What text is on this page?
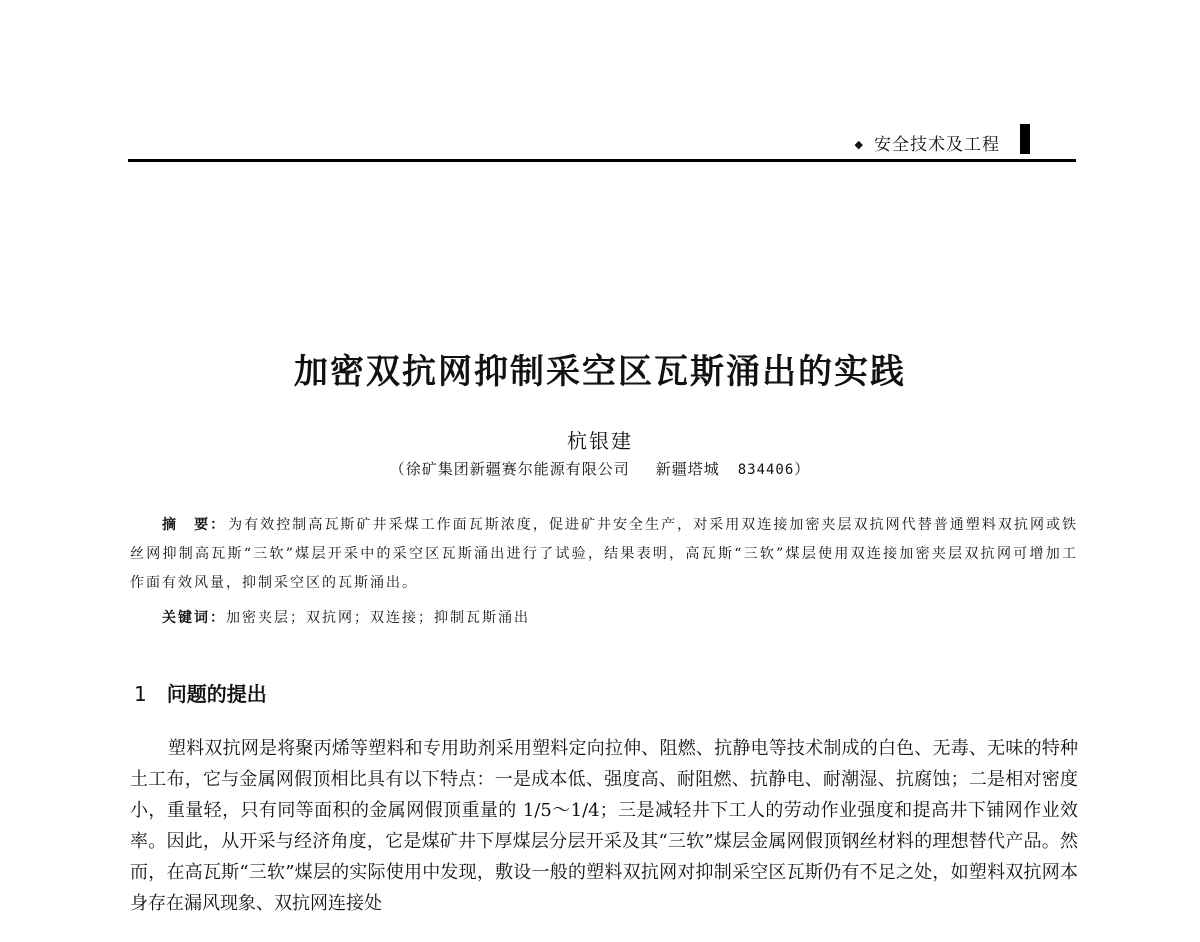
◆ 安全技术及工程
加密双抗网抑制采空区瓦斯涌出的实践
杭银建
（徐矿集团新疆赛尔能源有限公司 新疆塔城 834406）
摘　要： 为有效控制高瓦斯矿井采煤工作面瓦斯浓度，促进矿井安全生产，对采用双连接加密夹层双抗网代替普通塑料双抗网或铁丝网抑制高瓦斯“三软”煤层开采中的采空区瓦斯涌出进行了试验，结果表明，高瓦斯“三软”煤层使用双连接加密夹层双抗网可增加工作面有效风量，抑制采空区的瓦斯涌出。
关键词：加密夹层；双抗网；双连接；抑制瓦斯涌出
1 问题的提出
塑料双抗网是将聚丙烯等塑料和专用助剂采用塑料定向拉伸、阻燃、抗静电等技术制成的白色、无毒、无味的特种土工布，它与金属网假顶相比具有以下特点：一是成本低、强度高、耐阻燃、抗静电、耐潮湿、抗腐蚀；二是相对密度小，重量轻，只有同等面积的金属网假顶重量的 1/5～1/4；三是减轻井下工人的劳动作业强度和提高井下铺网作业效率。因此，从开采与经济角度，它是煤矿井下厚煤层分层开采及其“三软”煤层金属网假顶钢丝材料的理想替代产品。然而，在高瓦斯“三软”煤层的实际使用中发现，敷设一般的塑料双抗网对抑制采空区瓦斯仍有不足之处，如塑料双抗网本身存在漏风现象、双抗网连接处
